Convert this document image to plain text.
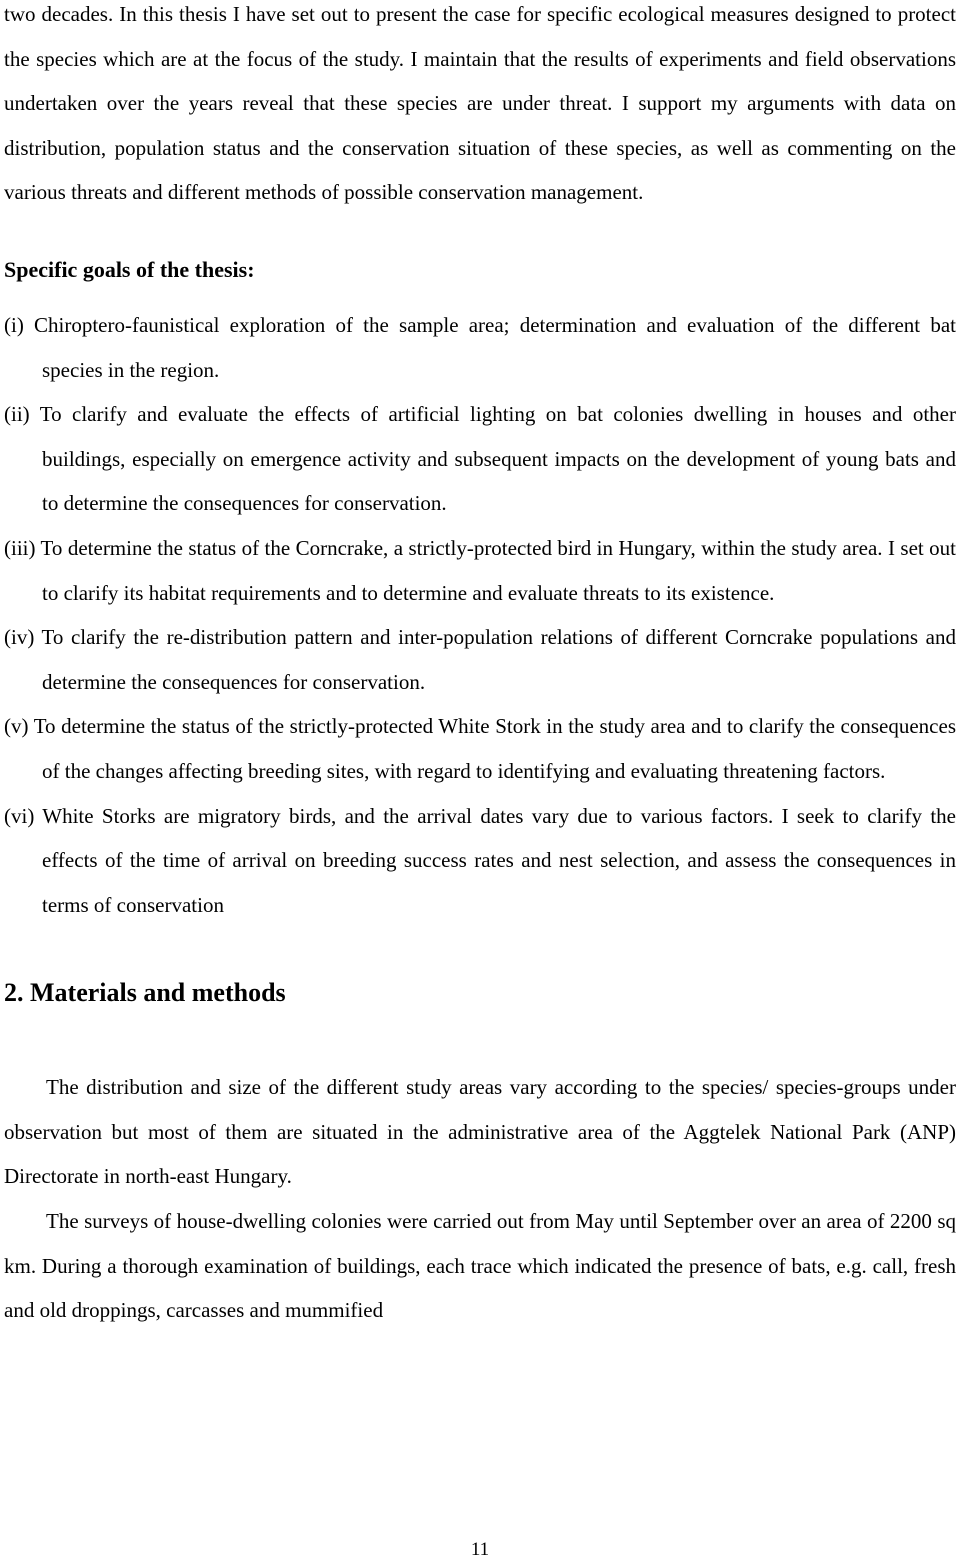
two decades. In this thesis I have set out to present the case for specific ecological measures designed to protect the species which are at the focus of the study. I maintain that the results of experiments and field observations undertaken over the years reveal that these species are under threat. I support my arguments with data on distribution, population status and the conservation situation of these species, as well as commenting on the various threats and different methods of possible conservation management.

Specific goals of the thesis:

(i) Chiroptero-faunistical exploration of the sample area; determination and evaluation of the different bat species in the region.

(ii) To clarify and evaluate the effects of artificial lighting on bat colonies dwelling in houses and other buildings, especially on emergence activity and subsequent impacts on the development of young bats and to determine the consequences for conservation.

(iii) To determine the status of the Corncrake, a strictly-protected bird in Hungary, within the study area. I set out to clarify its habitat requirements and to determine and evaluate threats to its existence.

(iv) To clarify the re-distribution pattern and inter-population relations of different Corncrake populations and determine the consequences for conservation.

(v) To determine the status of the strictly-protected White Stork in the study area and to clarify the consequences of the changes affecting breeding sites, with regard to identifying and evaluating threatening factors.

(vi) White Storks are migratory birds, and the arrival dates vary due to various factors. I seek to clarify the effects of the time of arrival on breeding success rates and nest selection, and assess the consequences in terms of conservation

2. Materials and methods

The distribution and size of the different study areas vary according to the species/ species-groups under observation but most of them are situated in the administrative area of the Aggtelek National Park (ANP) Directorate in north-east Hungary.

The surveys of house-dwelling colonies were carried out from May until September over an area of 2200 sq km. During a thorough examination of buildings, each trace which indicated the presence of bats, e.g. call, fresh and old droppings, carcasses and mummified

11
